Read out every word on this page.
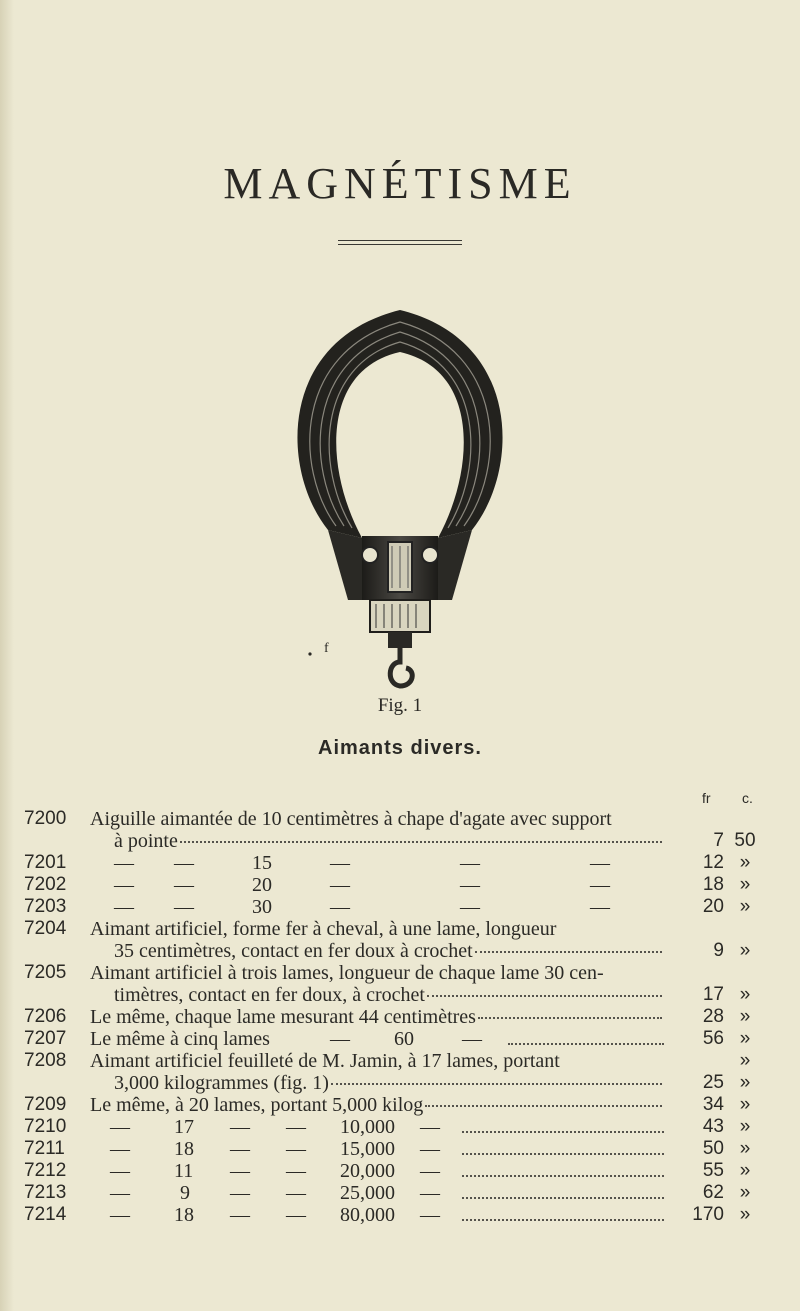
MAGNÉTISME
f
Fig. 1
Aimants divers.
fr c.
7200	Aiguille aimantée de 10 centimètres à chape d'agate avec support
à pointe	7 50
7201	— —	15	—	—	—	12 »
7202	— —	20	—	—	—	18 »
7203	— —	30	—	—	—	20 »
7204	Aimant artificiel, forme fer à cheval, à une lame, longueur
35 centimètres, contact en fer doux à crochet	9 »
7205	Aimant artificiel à trois lames, longueur de chaque lame 30 cen-
timètres, contact en fer doux, à crochet	17 »
7206	Le même, chaque lame mesurant 44 centimètres	28 »
7207	Le même à cinq lames	— 60 —	56 »
7208	Aimant artificiel feuilleté de M. Jamin, à 17 lames, portant	»
3,000 kilogrammes (fig. 1)	25 »
7209	Le même, à 20 lames, portant 5,000 kilog	34 »
7210	— 17 — — 10,000 —	43 »
7211	— 18 — — 15,000 —	50 »
7212	— 11 — — 20,000 —	55 »
7213	—	9 — — 25,000 —	62 »
7214	— 18 — — 80,000 —	170 »
